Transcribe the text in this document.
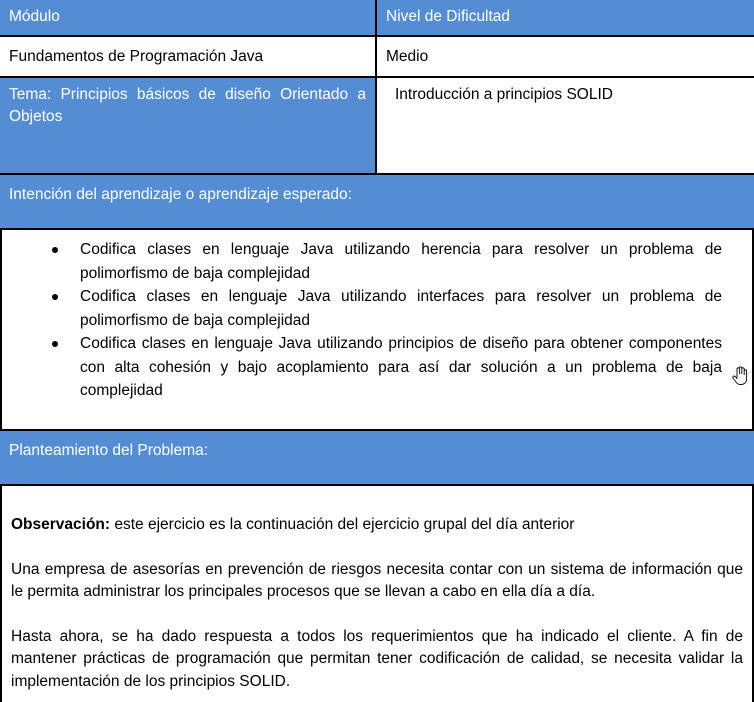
Módulo	Nivel de Dificultad
Fundamentos de Programación Java	Medio
Tema: Principios básicos de diseño Orientado a Objetos
Introducción a principios SOLID
Intención del aprendizaje o aprendizaje esperado:
Codifica clases en lenguaje Java utilizando herencia para resolver un problema de polimorfismo de baja complejidad
Codifica clases en lenguaje Java utilizando interfaces para resolver un problema de polimorfismo de baja complejidad
Codifica clases en lenguaje Java utilizando principios de diseño para obtener componentes con alta cohesión y bajo acoplamiento para así dar solución a un problema de baja complejidad
Planteamiento del Problema:

Observación: este ejercicio es la continuación del ejercicio grupal del día anterior

Una empresa de asesorías en prevención de riesgos necesita contar con un sistema de información que le permita administrar los principales procesos que se llevan a cabo en ella día a día.

Hasta ahora, se ha dado respuesta a todos los requerimientos que ha indicado el cliente. A fin de mantener prácticas de programación que permitan tener codificación de calidad, se necesita validar la implementación de los principios SOLID.
